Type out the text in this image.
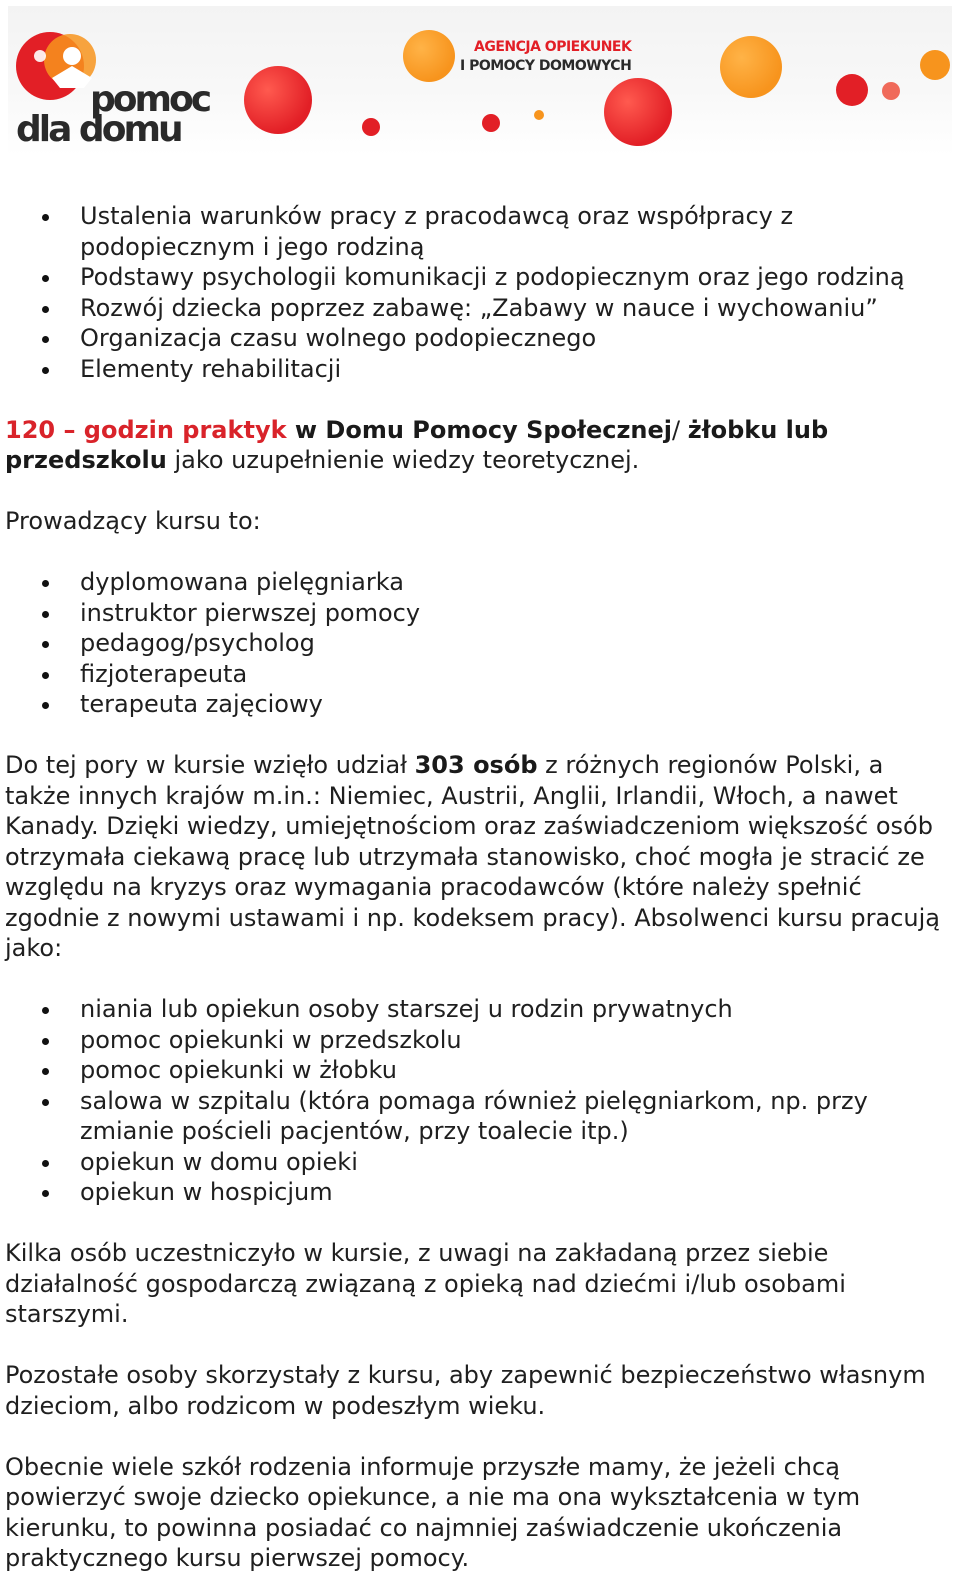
pomoc
dla domu
AGENCJA OPIEKUNEK
I POMOCY DOMOWYCH
Ustalenia warunków pracy z pracodawcą oraz współpracy z podopiecznym i jego rodziną
Podstawy psychologii komunikacji z podopiecznym oraz jego rodziną
Rozwój dziecka poprzez zabawę: „Zabawy w nauce i wychowaniu”
Organizacja czasu wolnego podopiecznego
Elementy rehabilitacji

120 – godzin praktyk w Domu Pomocy Społecznej/ żłobku lub przedszkolu jako uzupełnienie wiedzy teoretycznej.

Prowadzący kursu to:

dyplomowana pielęgniarka
instruktor pierwszej pomocy
pedagog/psycholog
fizjoterapeuta
terapeuta zajęciowy

Do tej pory w kursie wzięło udział 303 osób z różnych regionów Polski, a także innych krajów m.in.: Niemiec, Austrii, Anglii, Irlandii, Włoch, a nawet Kanady. Dzięki wiedzy, umiejętnościom oraz zaświadczeniom większość osób otrzymała ciekawą pracę lub utrzymała stanowisko, choć mogła je stracić ze względu na kryzys oraz wymagania pracodawców (które należy spełnić zgodnie z nowymi ustawami i np. kodeksem pracy). Absolwenci kursu pracują jako:

niania lub opiekun osoby starszej u rodzin prywatnych
pomoc opiekunki w przedszkolu
pomoc opiekunki w żłobku
salowa w szpitalu (która pomaga również pielęgniarkom, np. przy zmianie pościeli pacjentów, przy toalecie itp.)
opiekun w domu opieki
opiekun w hospicjum

Kilka osób uczestniczyło w kursie, z uwagi na zakładaną przez siebie działalność gospodarczą związaną z opieką nad dziećmi i/lub osobami starszymi.

Pozostałe osoby skorzystały z kursu, aby zapewnić bezpieczeństwo własnym dzieciom, albo rodzicom w podeszłym wieku.

Obecnie wiele szkół rodzenia informuje przyszłe mamy, że jeżeli chcą powierzyć swoje dziecko opiekunce, a nie ma ona wykształcenia w tym kierunku, to powinna posiadać co najmniej zaświadczenie ukończenia praktycznego kursu pierwszej pomocy.
